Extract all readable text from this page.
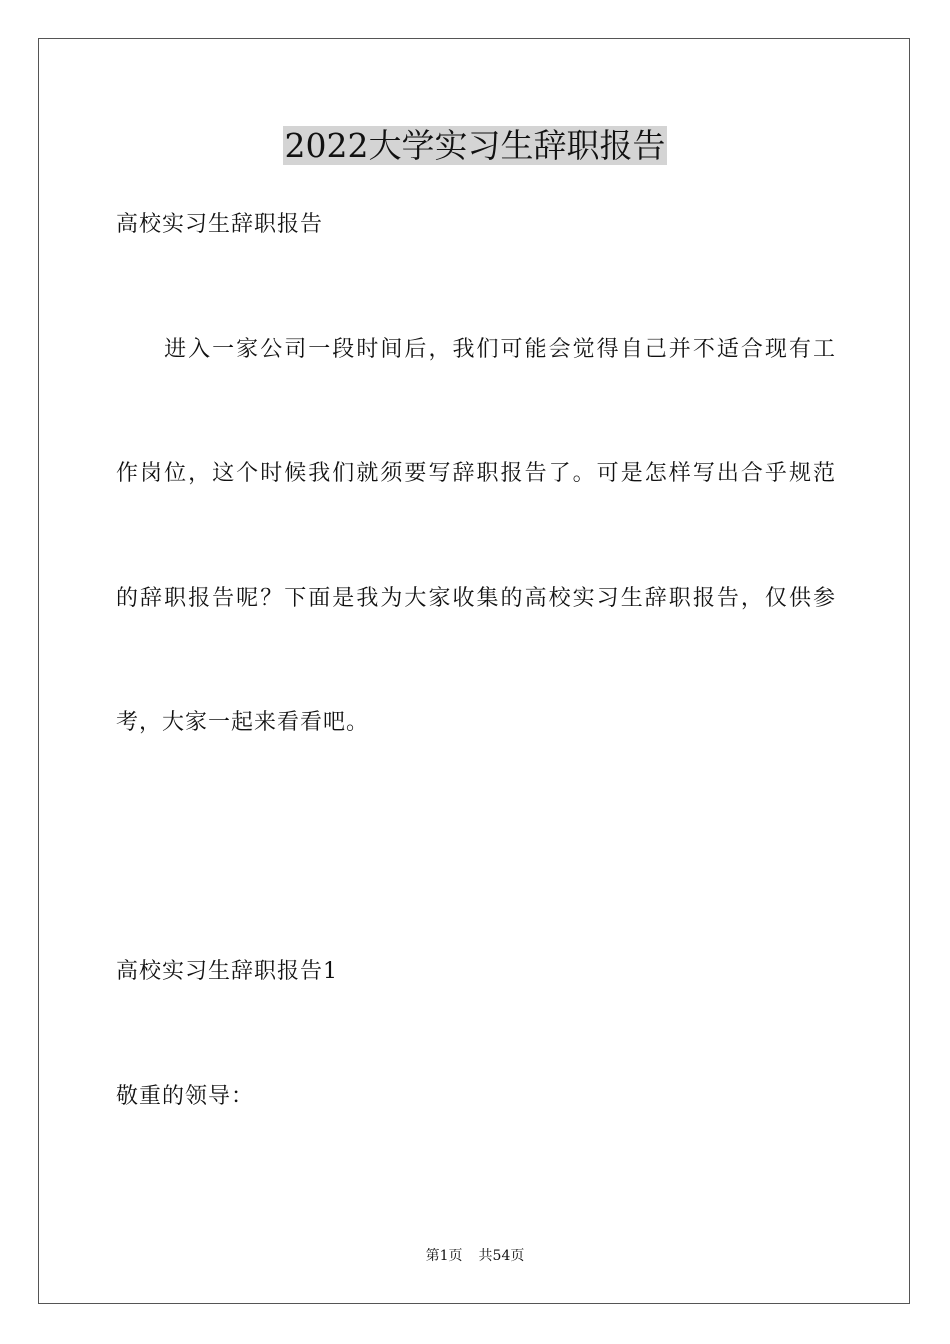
2022大学实习生辞职报告
高校实习生辞职报告
　　进入一家公司一段时间后，我们可能会觉得自己并不适合现有工
作岗位，这个时候我们就须要写辞职报告了。可是怎样写出合乎规范
的辞职报告呢？下面是我为大家收集的高校实习生辞职报告，仅供参
考，大家一起来看看吧。
高校实习生辞职报告1
敬重的领导：
第1页 共54页
